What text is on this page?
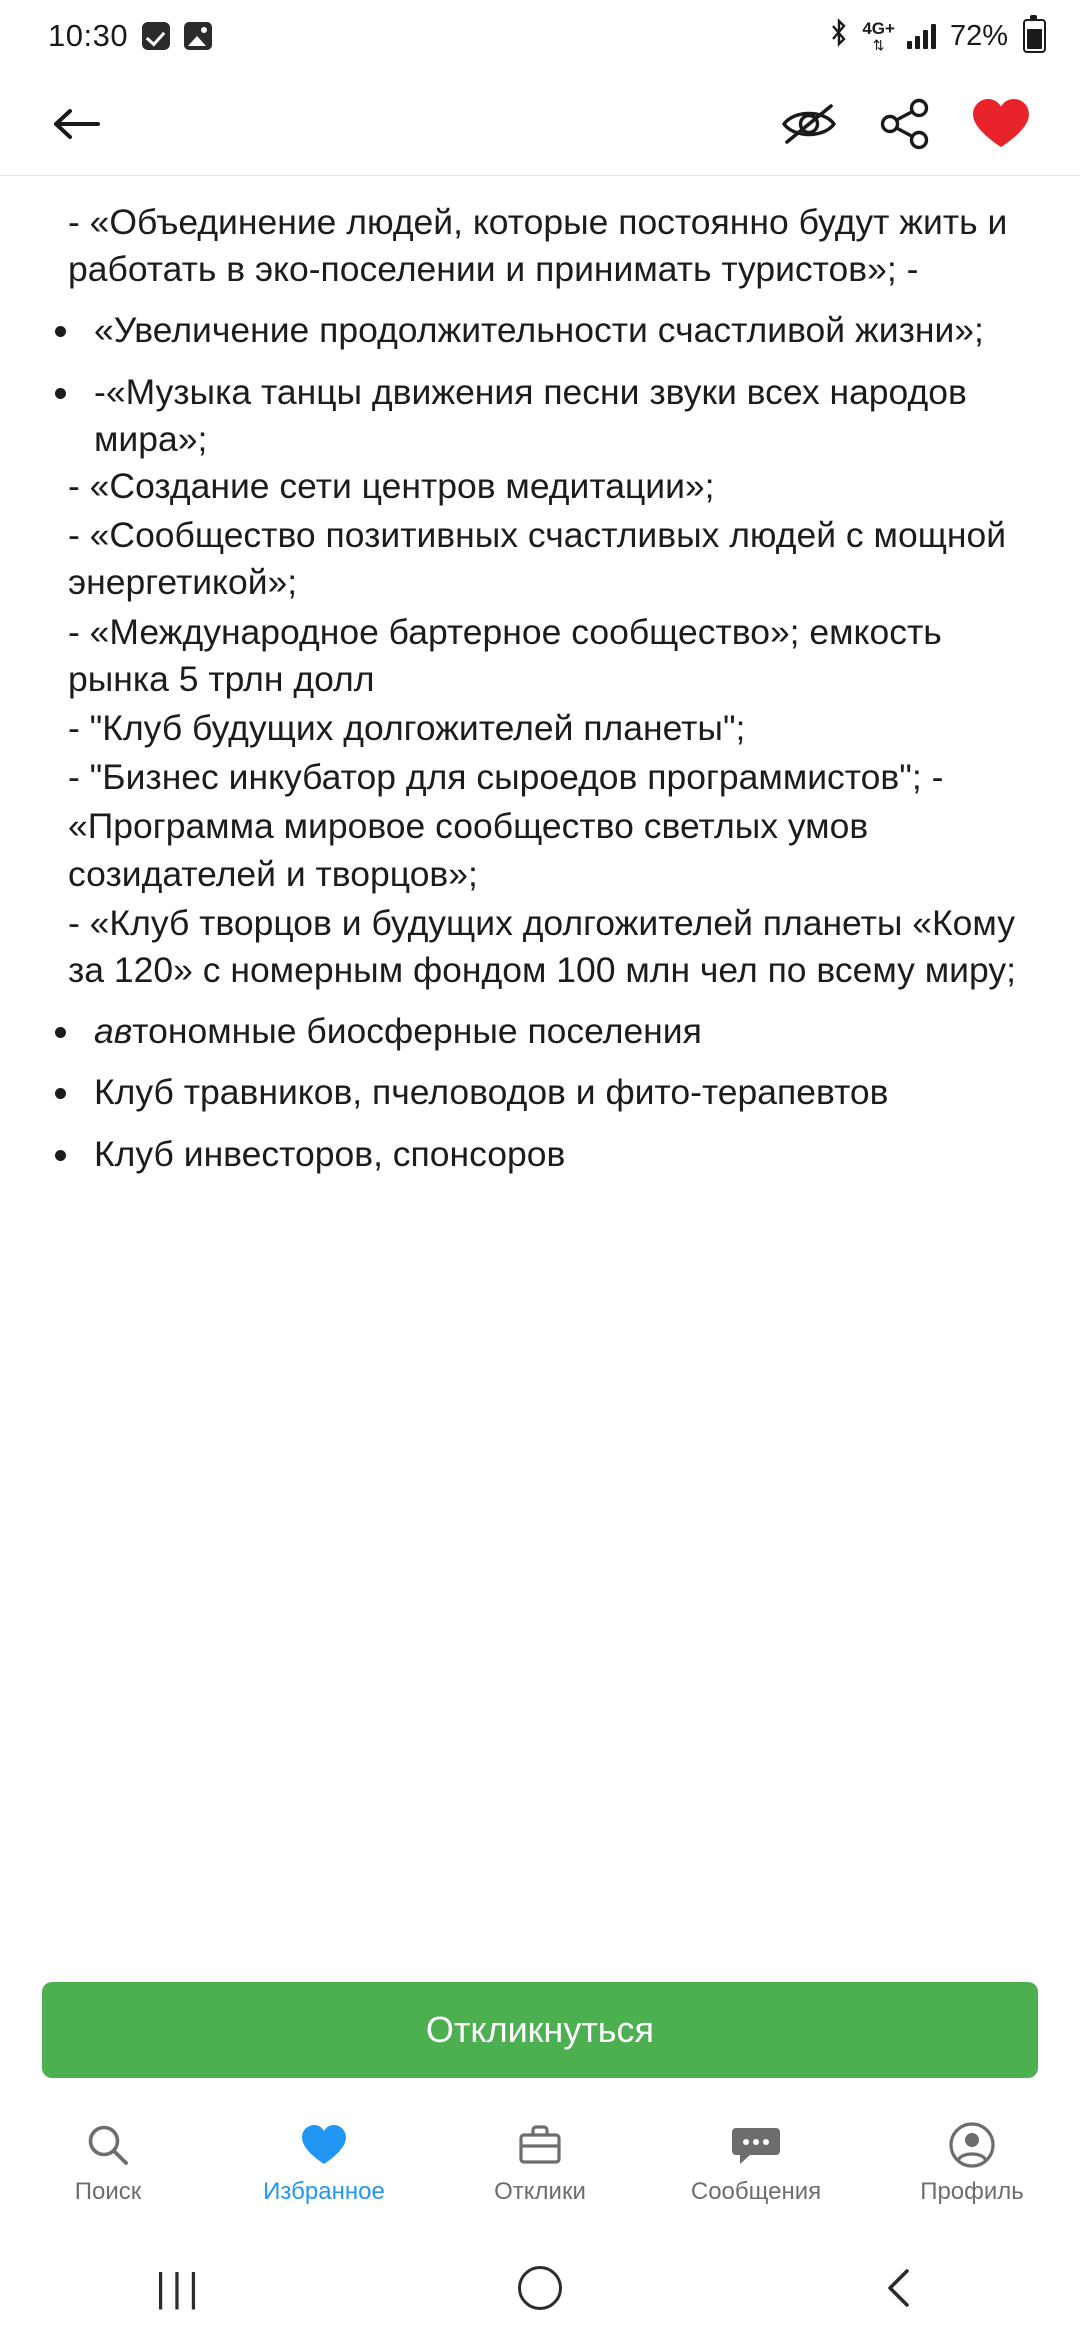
10:30	4G+
⇅ 72%

- «Объединение людей, которые постоянно будут жить и работать в эко-поселении и принимать туристов»; -

«Увеличение продолжительности счастливой жизни»;
-«Музыка танцы движения песни звуки всех народов мира»;

- «Создание сети центров медитации»;

- «Сообщество позитивных счастливых людей с мощной энергетикой»;

- «Международное бартерное сообщество»; емкость рынка 5 трлн долл

- "Клуб будущих долгожителей планеты";

- "Бизнес инкубатор для сыроедов программистов"; -

«Программа мировое сообщество светлых умов созидателей и творцов»;

- «Клуб творцов и будущих долгожителей планеты «Кому за 120» с номерным фондом 100 млн чел по всему миру;

автономные биосферные поселения
Клуб травников, пчеловодов и фито-терапевтов
Клуб инвесторов, спонсоров
Откликнуться
Поиск	Избранное	Отклики	Сообщения	Профиль
|||
